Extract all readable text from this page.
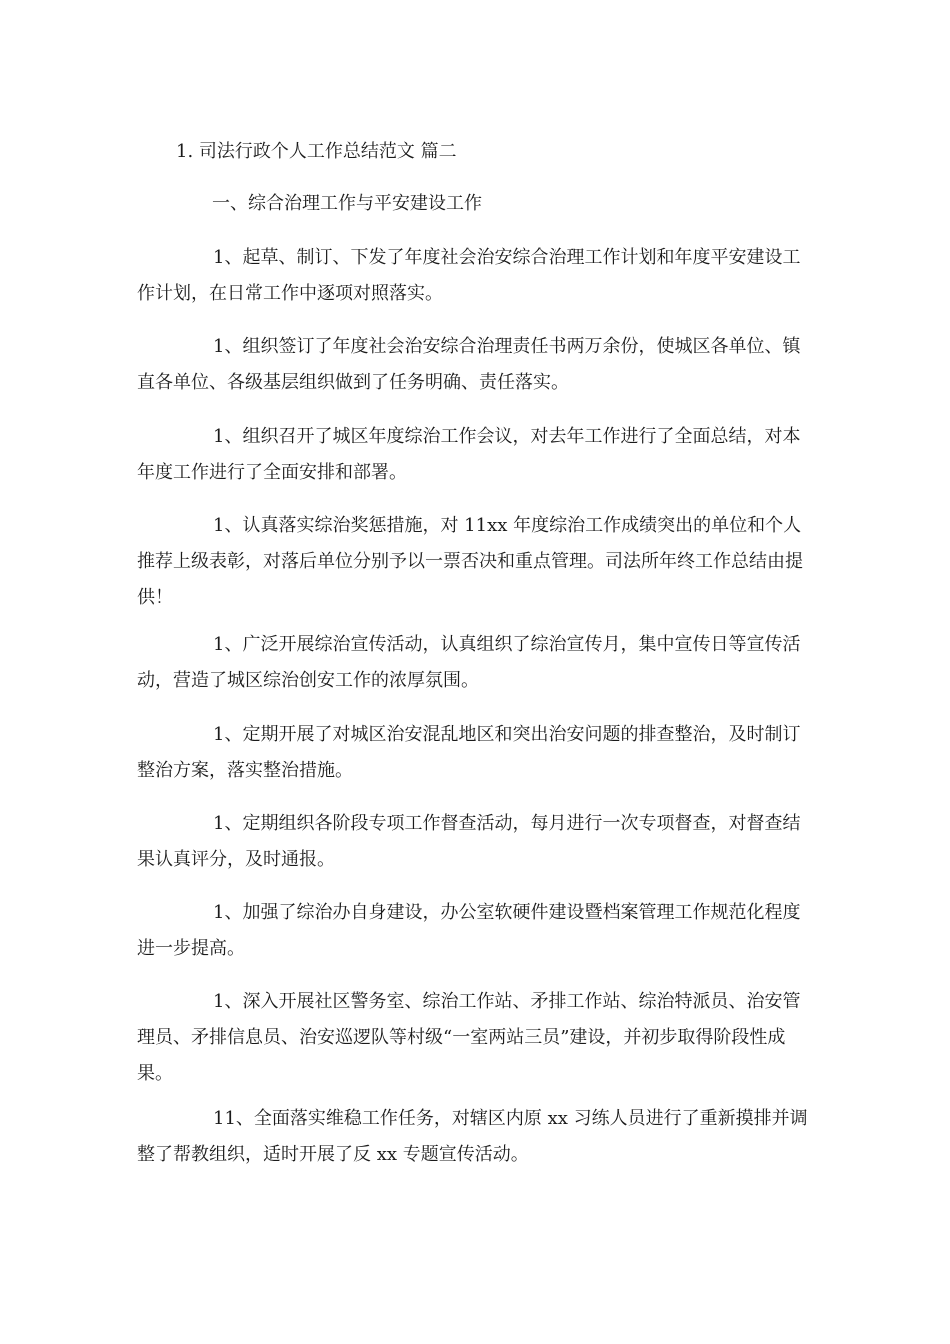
1. 司法行政个人工作总结范文 篇二
一、综合治理工作与平安建设工作

1、起草、制订、下发了年度社会治安综合治理工作计划和年度平安建设工作计划，在日常工作中逐项对照落实。

1、组织签订了年度社会治安综合治理责任书两万余份，使城区各单位、镇直各单位、各级基层组织做到了任务明确、责任落实。

1、组织召开了城区年度综治工作会议，对去年工作进行了全面总结，对本年度工作进行了全面安排和部署。

1、认真落实综治奖惩措施，对 11xx 年度综治工作成绩突出的单位和个人推荐上级表彰，对落后单位分别予以一票否决和重点管理。司法所年终工作总结由提供！

1、广泛开展综治宣传活动，认真组织了综治宣传月，集中宣传日等宣传活动，营造了城区综治创安工作的浓厚氛围。

1、定期开展了对城区治安混乱地区和突出治安问题的排查整治，及时制订整治方案，落实整治措施。

1、定期组织各阶段专项工作督查活动，每月进行一次专项督查，对督查结果认真评分，及时通报。

1、加强了综治办自身建设，办公室软硬件建设暨档案管理工作规范化程度进一步提高。

1、深入开展社区警务室、综治工作站、矛排工作站、综治特派员、治安管理员、矛排信息员、治安巡逻队等村级“一室两站三员”建设，并初步取得阶段性成果。

11、全面落实维稳工作任务，对辖区内原 xx 习练人员进行了重新摸排并调整了帮教组织，适时开展了反 xx 专题宣传活动。
